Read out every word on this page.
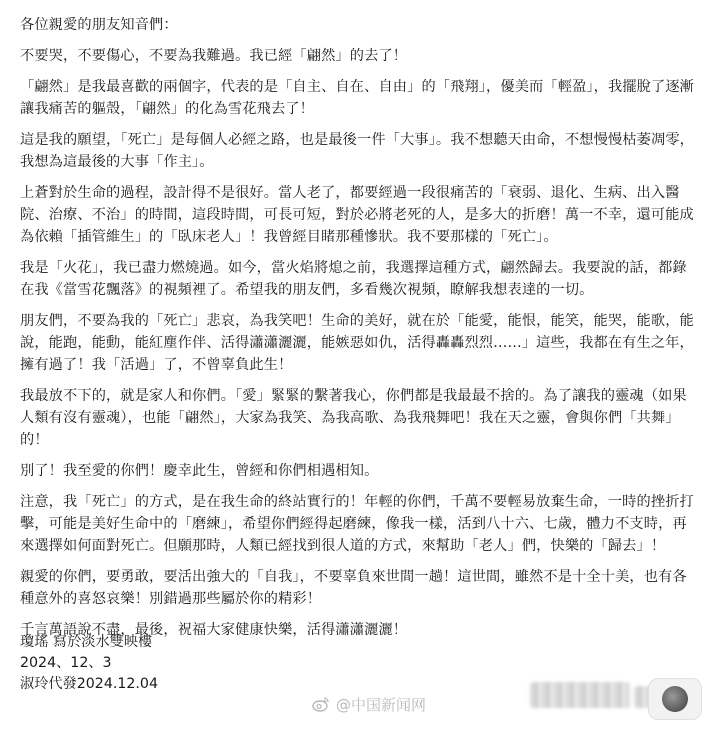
各位親愛的朋友知音們：

不要哭，不要傷心，不要為我難過。我已經「翩然」的去了！

「翩然」是我最喜歡的兩個字，代表的是「自主、自在、自由」的「飛翔」，優美而「輕盈」，我擺脫了逐漸讓我痛苦的軀殼，「翩然」的化為雪花飛去了！

這是我的願望，「死亡」是每個人必經之路，也是最後一件「大事」。我不想聽天由命，不想慢慢枯萎凋零，我想為這最後的大事「作主」。

上蒼對於生命的過程，設計得不是很好。當人老了，都要經過一段很痛苦的「衰弱、退化、生病、出入醫院、治療、不治」的時間，這段時間，可長可短，對於必將老死的人，是多大的折磨！萬一不幸，還可能成為依賴「插管維生」的「臥床老人」！我曾經目睹那種慘狀。我不要那樣的「死亡」。

我是「火花」，我已盡力燃燒過。如今，當火焰將熄之前，我選擇這種方式，翩然歸去。我要說的話，都錄在我《當雪花飄落》的視頻裡了。希望我的朋友們，多看幾次視頻，瞭解我想表達的一切。

朋友們，不要為我的「死亡」悲哀，為我笑吧！生命的美好，就在於「能愛，能恨，能笑，能哭，能歌，能說，能跑，能動，能紅塵作伴、活得瀟瀟灑灑，能嫉惡如仇，活得轟轟烈烈……」這些，我都在有生之年，擁有過了！我「活過」了，不曾辜負此生！

我最放不下的，就是家人和你們。「愛」緊緊的繫著我心，你們都是我最最不捨的。為了讓我的靈魂（如果人類有沒有靈魂），也能「翩然」，大家為我笑、為我高歌、為我飛舞吧！我在天之靈，會與你們「共舞」的！

別了！我至愛的你們！慶幸此生，曾經和你們相遇相知。

注意，我「死亡」的方式，是在我生命的終站實行的！年輕的你們，千萬不要輕易放棄生命，一時的挫折打擊，可能是美好生命中的「磨練」，希望你們經得起磨練，像我一樣，活到八十六、七歲，體力不支時，再來選擇如何面對死亡。但願那時，人類已經找到很人道的方式，來幫助「老人」們，快樂的「歸去」！

親愛的你們，要勇敢，要活出強大的「自我」，不要辜負來世間一趟！這世間，雖然不是十全十美，也有各種意外的喜怒哀樂！別錯過那些屬於你的精彩！

千言萬語說不盡，最後，祝福大家健康快樂，活得瀟瀟灑灑！

瓊瑤 寫於淡水雙映樓
2024、12、3
淑玲代發2024.12.04
@中国新闻网
